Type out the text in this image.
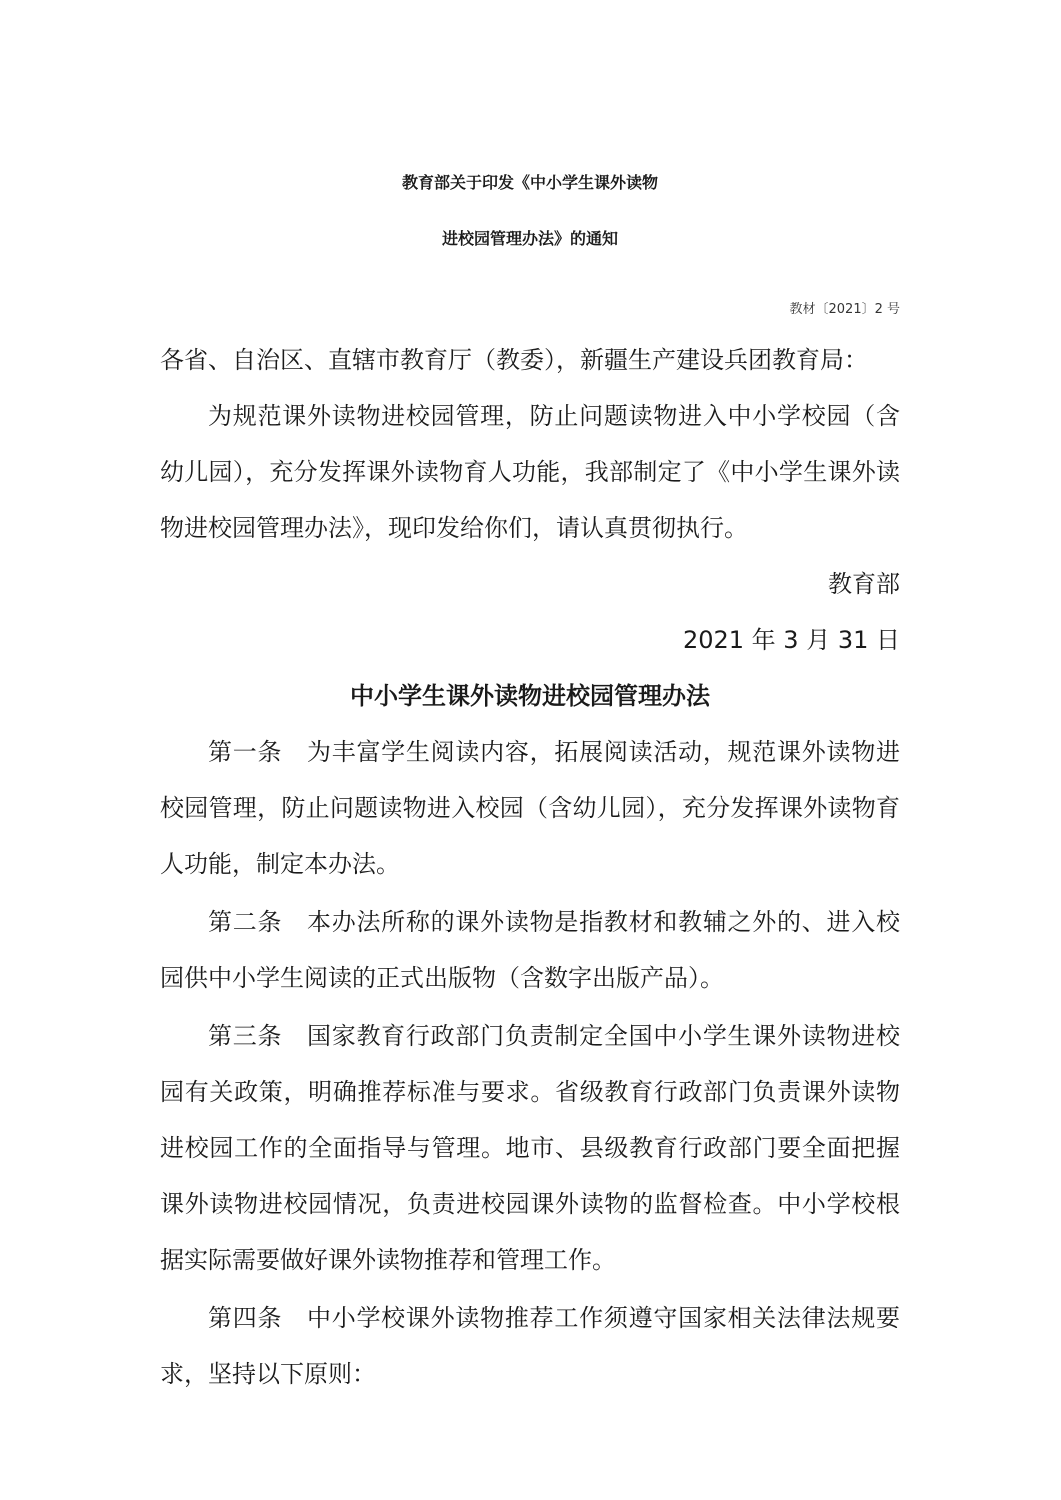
教育部关于印发《中小学生课外读物

进校园管理办法》的通知

教材〔2021〕2 号

各省、自治区、直辖市教育厅（教委），新疆生产建设兵团教育局：

为规范课外读物进校园管理，防止问题读物进入中小学校园（含幼儿园），充分发挥课外读物育人功能，我部制定了《中小学生课外读物进校园管理办法》，现印发给你们，请认真贯彻执行。

教育部

2021 年 3 月 31 日

中小学生课外读物进校园管理办法

第一条　为丰富学生阅读内容，拓展阅读活动，规范课外读物进校园管理，防止问题读物进入校园（含幼儿园），充分发挥课外读物育人功能，制定本办法。

第二条　本办法所称的课外读物是指教材和教辅之外的、进入校园供中小学生阅读的正式出版物（含数字出版产品）。

第三条　国家教育行政部门负责制定全国中小学生课外读物进校园有关政策，明确推荐标准与要求。省级教育行政部门负责课外读物进校园工作的全面指导与管理。地市、县级教育行政部门要全面把握课外读物进校园情况，负责进校园课外读物的监督检查。中小学校根据实际需要做好课外读物推荐和管理工作。

第四条　中小学校课外读物推荐工作须遵守国家相关法律法规要求，坚持以下原则：
